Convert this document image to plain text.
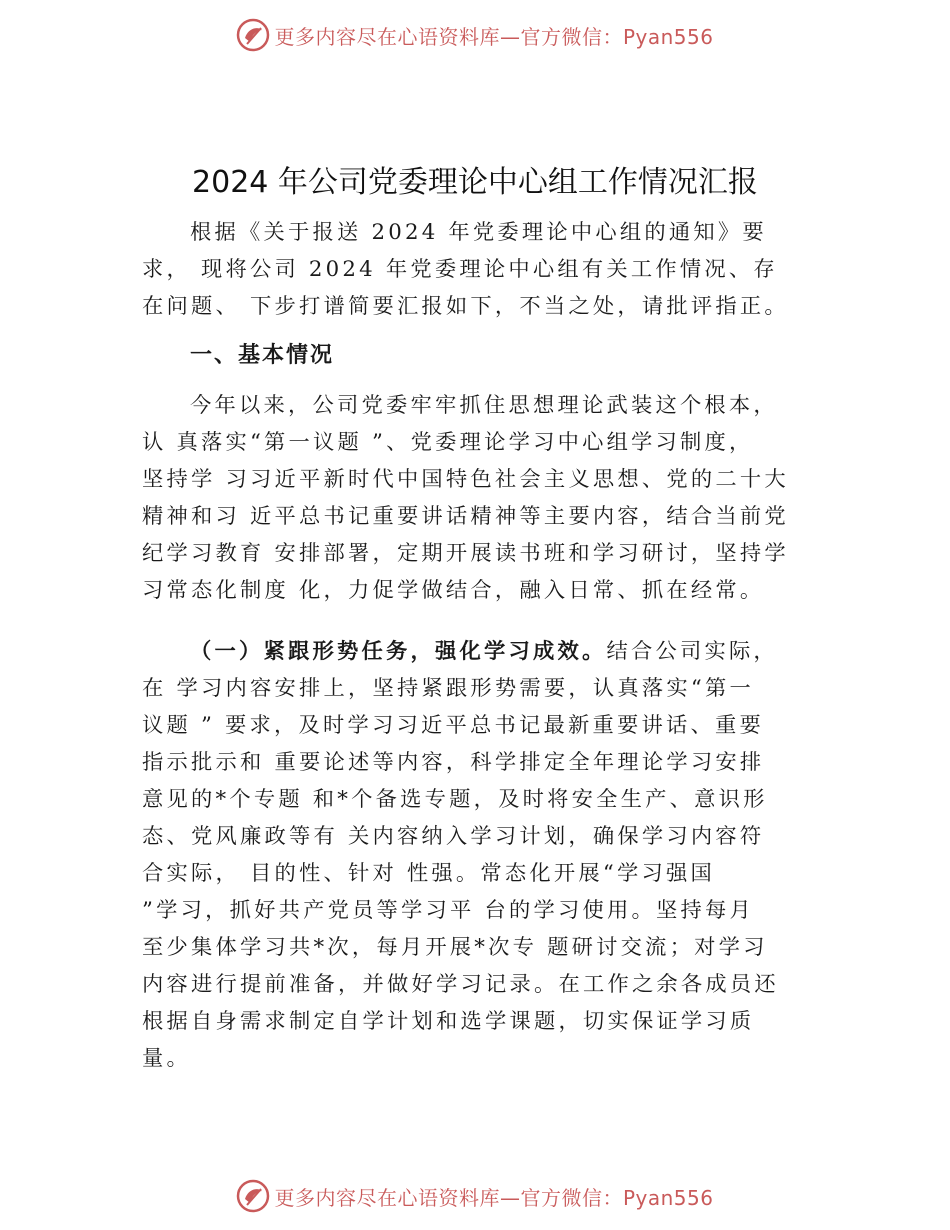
更多内容尽在心语资料库—官方微信：Pyan556
2024 年公司党委理论中心组工作情况汇报
根据《关于报送 2024 年党委理论中心组的通知》要
求， 现将公司 2024 年党委理论中心组有关工作情况、存
在问题、 下步打谱简要汇报如下，不当之处，请批评指正。
一、基本情况
今年以来，公司党委牢牢抓住思想理论武装这个根本，
认 真落实“第一议题 ”、党委理论学习中心组学习制度，
坚持学 习习近平新时代中国特色社会主义思想、党的二十大
精神和习 近平总书记重要讲话精神等主要内容，结合当前党
纪学习教育 安排部署，定期开展读书班和学习研讨，坚持学
习常态化制度 化，力促学做结合，融入日常、抓在经常。
（一）紧跟形势任务，强化学习成效。结合公司实际，
在 学习内容安排上，坚持紧跟形势需要，认真落实“第一
议题 ” 要求，及时学习习近平总书记最新重要讲话、重要
指示批示和 重要论述等内容，科学排定全年理论学习安排
意见的*个专题 和*个备选专题，及时将安全生产、意识形
态、党风廉政等有 关内容纳入学习计划，确保学习内容符
合实际， 目的性、针对 性强。常态化开展“学习强国
”学习，抓好共产党员等学习平 台的学习使用。坚持每月
至少集体学习共*次，每月开展*次专 题研讨交流；对学习
内容进行提前准备，并做好学习记录。在工作之余各成员还
根据自身需求制定自学计划和选学课题，切实保证学习质
量。
更多内容尽在心语资料库—官方微信：Pyan556
